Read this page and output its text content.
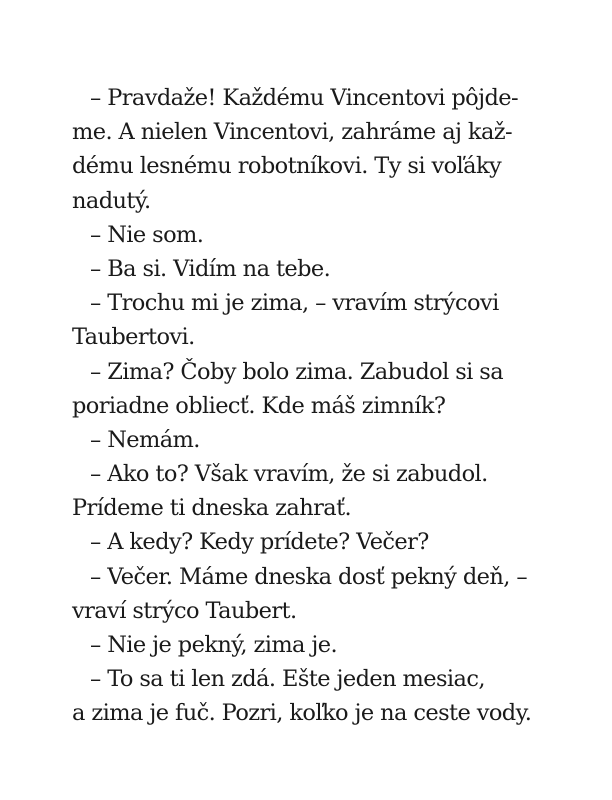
– Pravdaže! Každému Vincentovi pôjde-
me. A nielen Vincentovi, zahráme aj kaž-
dému lesnému robotníkovi. Ty si voľáky
nadutý.
– Nie som.
– Ba si. Vidím na tebe.
– Trochu mi je zima, – vravím strýcovi
Taubertovi.
– Zima? Čoby bolo zima. Zabudol si sa
poriadne obliecť. Kde máš zimník?
– Nemám.
– Ako to? Však vravím, že si zabudol.
Prídeme ti dneska zahrať.
– A kedy? Kedy prídete? Večer?
– Večer. Máme dneska dosť pekný deň, –
vraví strýco Taubert.
– Nie je pekný, zima je.
– To sa ti len zdá. Ešte jeden mesiac,
a zima je fuč. Pozri, koľko je na ceste vody.
